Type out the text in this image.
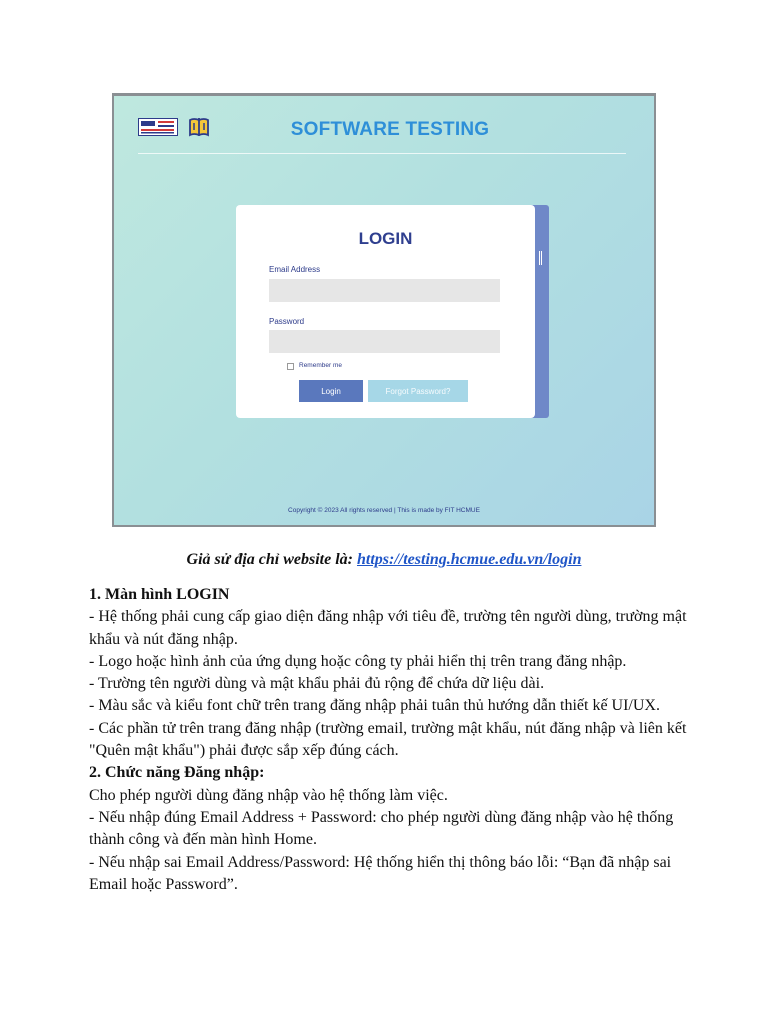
SOFTWARE TESTING
LOGIN
Email Address
Password
Remember me
Login	Forgot Password?
Copyright © 2023 All rights reserved | This is made by FIT HCMUE
Giả sử địa chỉ website là: https://testing.hcmue.edu.vn/login

1. Màn hình LOGIN

- Hệ thống phải cung cấp giao diện đăng nhập với tiêu đề, trường tên người dùng, trường mật khẩu và nút đăng nhập.

- Logo hoặc hình ảnh của ứng dụng hoặc công ty phải hiển thị trên trang đăng nhập.

- Trường tên người dùng và mật khẩu phải đủ rộng để chứa dữ liệu dài.

- Màu sắc và kiểu font chữ trên trang đăng nhập phải tuân thủ hướng dẫn thiết kế UI/UX.

- Các phần tử trên trang đăng nhập (trường email, trường mật khẩu, nút đăng nhập và liên kết "Quên mật khẩu") phải được sắp xếp đúng cách.

2. Chức năng Đăng nhập:

Cho phép người dùng đăng nhập vào hệ thống làm việc.

- Nếu nhập đúng Email Address + Password: cho phép người dùng đăng nhập vào hệ thống thành công và đến màn hình Home.

- Nếu nhập sai Email Address/Password: Hệ thống hiển thị thông báo lỗi: “Bạn đã nhập sai Email hoặc Password”.
